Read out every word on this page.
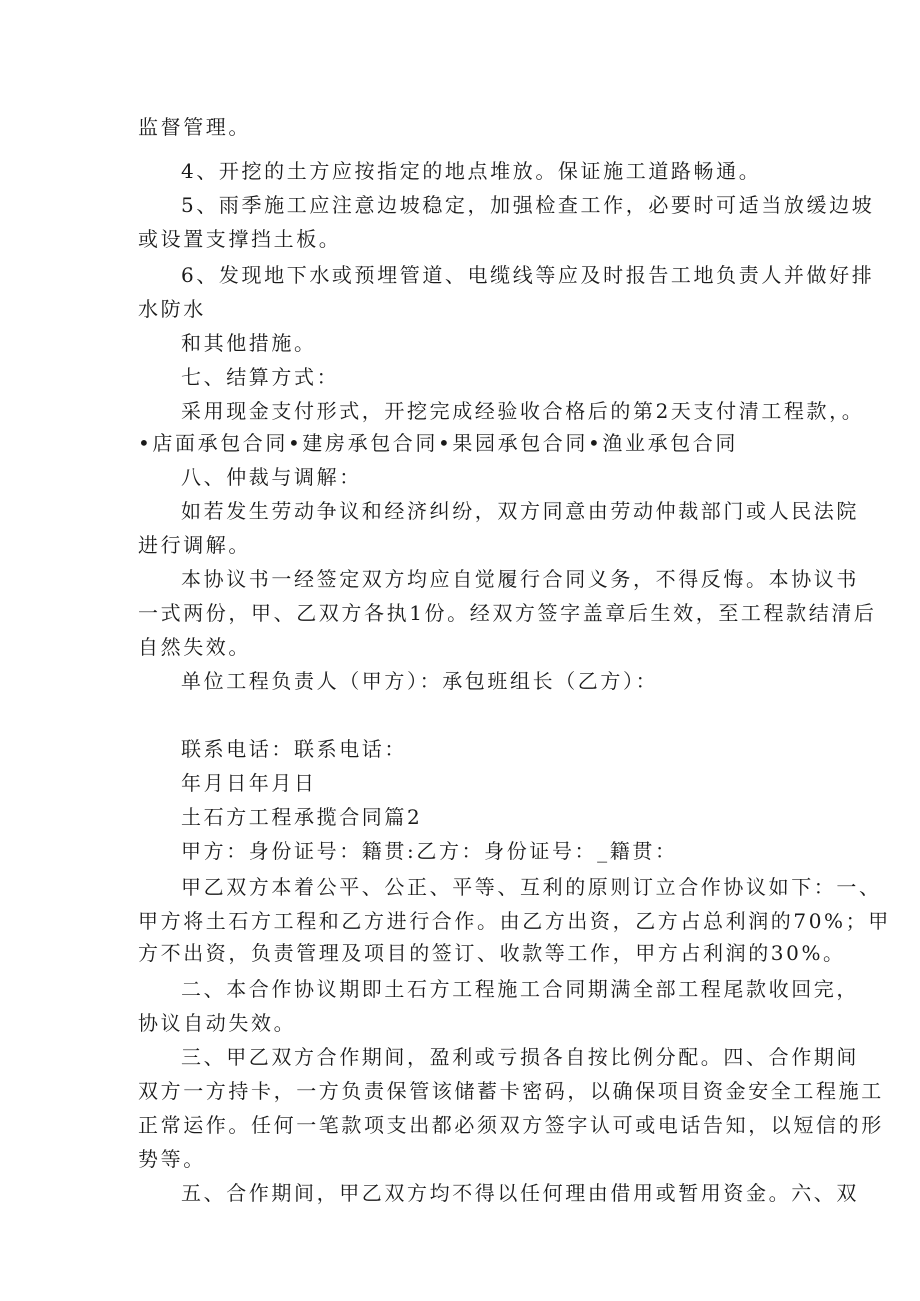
监督管理。
4、开挖的土方应按指定的地点堆放。保证施工道路畅通。
5、雨季施工应注意边坡稳定，加强检查工作，必要时可适当放缓边坡
或设置支撑挡土板。
6、发现地下水或预埋管道、电缆线等应及时报告工地负责人并做好排
水防水
和其他措施。
七、结算方式：
采用现金支付形式，开挖完成经验收合格后的第2天支付清工程款，。
•店面承包合同•建房承包合同•果园承包合同•渔业承包合同
八、仲裁与调解：
如若发生劳动争议和经济纠纷，双方同意由劳动仲裁部门或人民法院
进行调解。
本协议书一经签定双方均应自觉履行合同义务，不得反悔。本协议书
一式两份，甲、乙双方各执1份。经双方签字盖章后生效，至工程款结清后
自然失效。
单位工程负责人（甲方）：承包班组长（乙方）：
联系电话：联系电话：
年月日年月日
土石方工程承揽合同篇2
甲方：身份证号：籍贯:乙方：身份证号：_籍贯：
甲乙双方本着公平、公正、平等、互利的原则订立合作协议如下：一、
甲方将土石方工程和乙方进行合作。由乙方出资，乙方占总利润的70%；甲
方不出资，负责管理及项目的签订、收款等工作，甲方占利润的30%。
二、本合作协议期即土石方工程施工合同期满全部工程尾款收回完，
协议自动失效。
三、甲乙双方合作期间，盈利或亏损各自按比例分配。四、合作期间
双方一方持卡，一方负责保管该储蓄卡密码，以确保项目资金安全工程施工
正常运作。任何一笔款项支出都必须双方签字认可或电话告知，以短信的形
势等。
五、合作期间，甲乙双方均不得以任何理由借用或暂用资金。六、双
